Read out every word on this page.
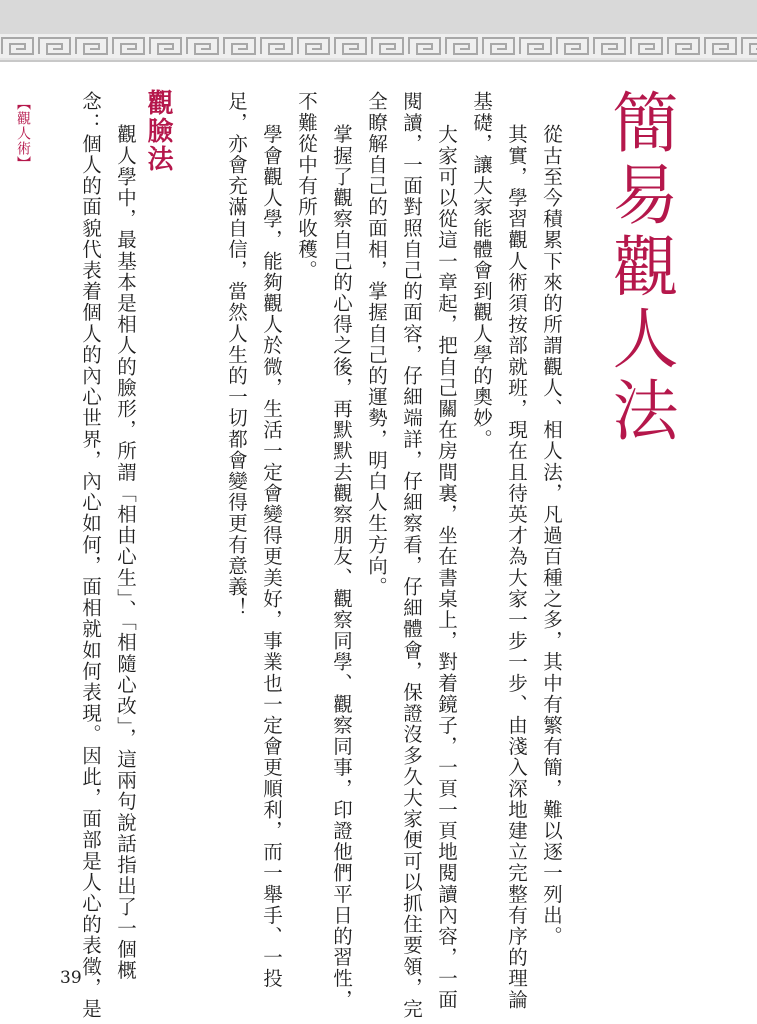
簡易觀人法
從古至今積累下來的所謂觀人、相人法，凡過百種之多，其中有繁有簡，難以逐一列出。
其實，學習觀人術須按部就班，現在且待英才為大家一步一步、由淺入深地建立完整有序的理論
基礎，讓大家能體會到觀人學的奧妙。
大家可以從這一章起，把自己關在房間裏，坐在書桌上，對着鏡子，一頁一頁地閱讀內容，一面
閱讀，一面對照自己的面容，仔細端詳，仔細察看，仔細體會，保證沒多久大家便可以抓住要領，完
全瞭解自己的面相，掌握自己的運勢，明白人生方向。
掌握了觀察自己的心得之後，再默默去觀察朋友、觀察同學、觀察同事，印證他們平日的習性，
不難從中有所收穫。
學會觀人學，能夠觀人於微，生活一定會變得更美好，事業也一定會更順利，而一舉手、一投
足，亦會充滿自信，當然人生的一切都會變得更有意義！
觀臉法
觀人學中，最基本是相人的臉形，所謂「相由心生」、「相隨心改」，這兩句說話指出了一個概
念：個人的面貌代表着個人的內心世界，內心如何，面相就如何表現。因此，面部是人心的表徵，是
【觀人術】
39
